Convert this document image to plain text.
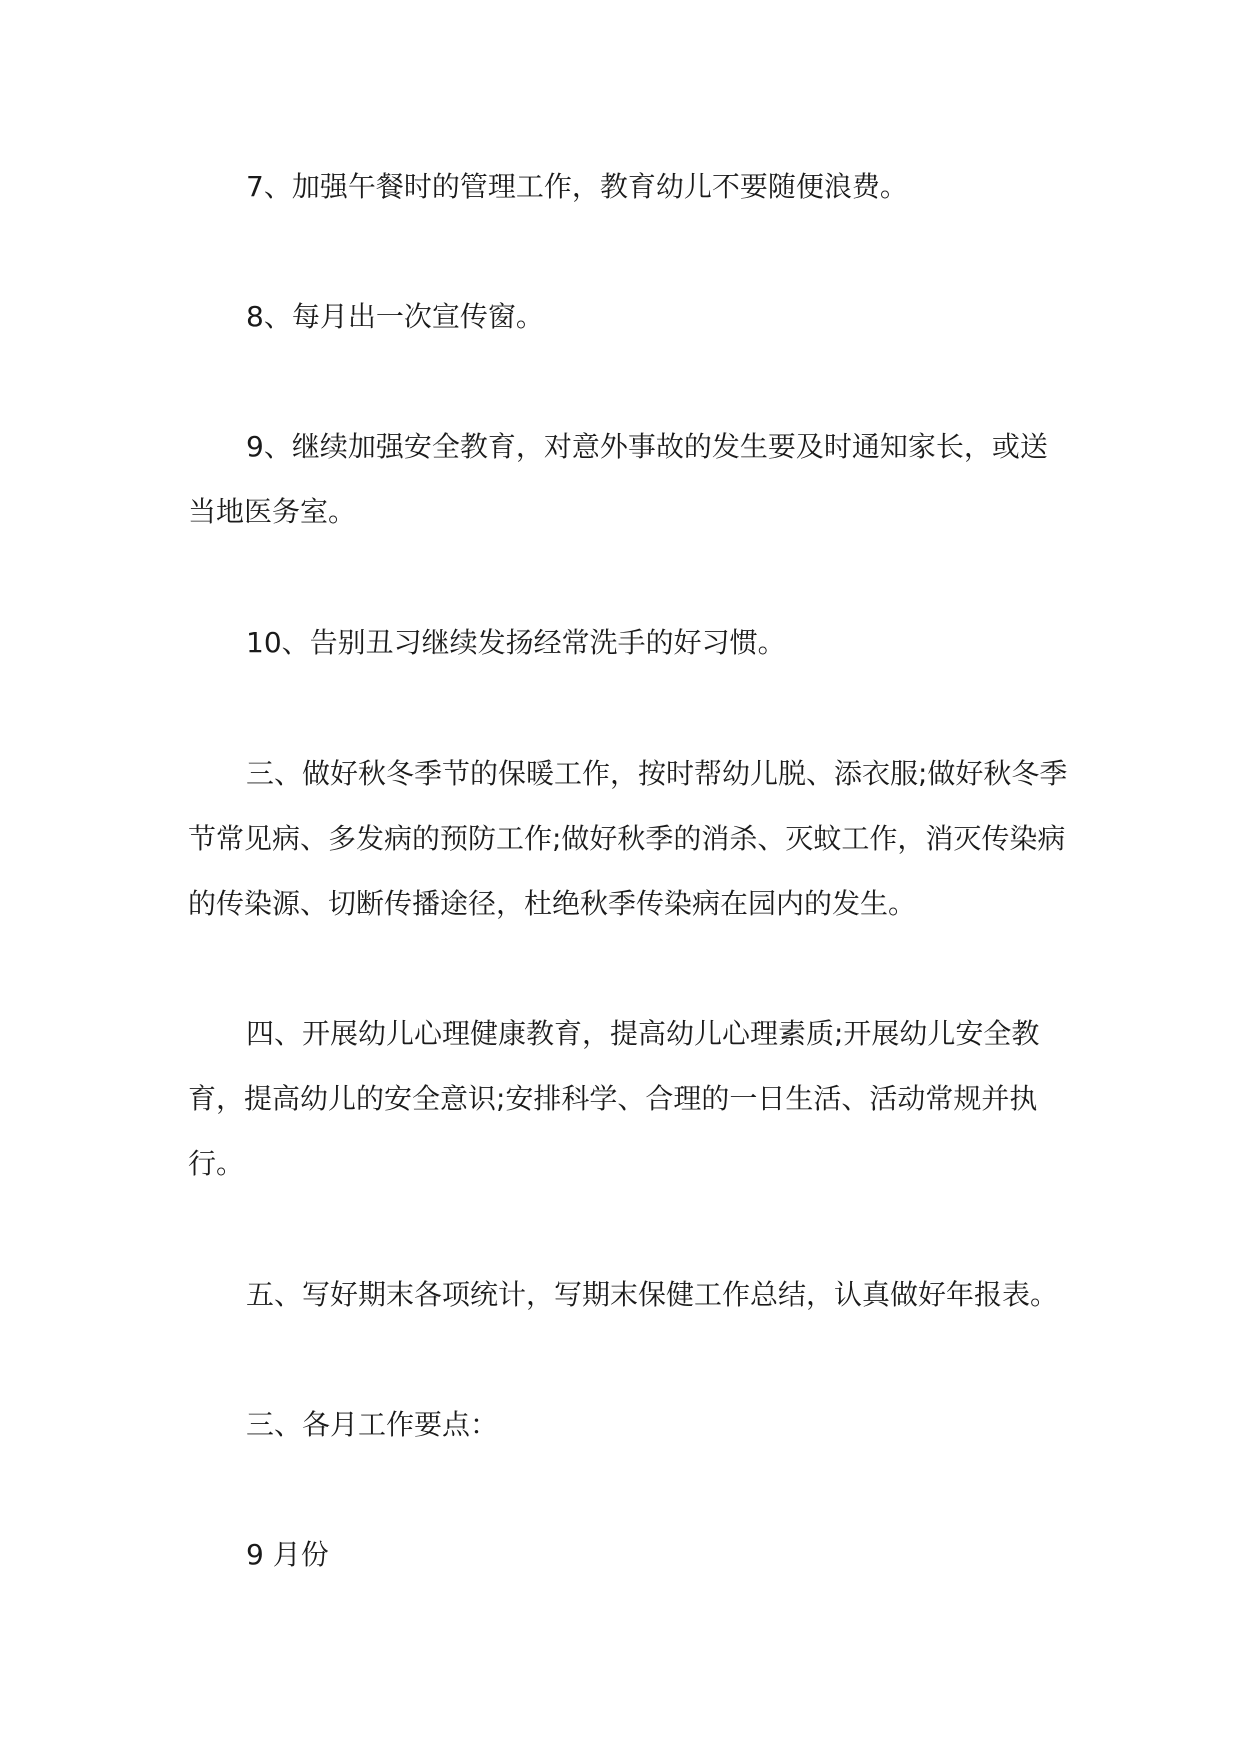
7、加强午餐时的管理工作，教育幼儿不要随便浪费。

8、每月出一次宣传窗。

9、继续加强安全教育，对意外事故的发生要及时通知家长，或送当地医务室。

10、告别丑习继续发扬经常洗手的好习惯。

三、做好秋冬季节的保暖工作，按时帮幼儿脱、添衣服;做好秋冬季节常见病、多发病的预防工作;做好秋季的消杀、灭蚊工作，消灭传染病的传染源、切断传播途径，杜绝秋季传染病在园内的发生。

四、开展幼儿心理健康教育，提高幼儿心理素质;开展幼儿安全教育，提高幼儿的安全意识;安排科学、合理的一日生活、活动常规并执行。

五、写好期末各项统计，写期末保健工作总结，认真做好年报表。

三、各月工作要点：

9 月份
